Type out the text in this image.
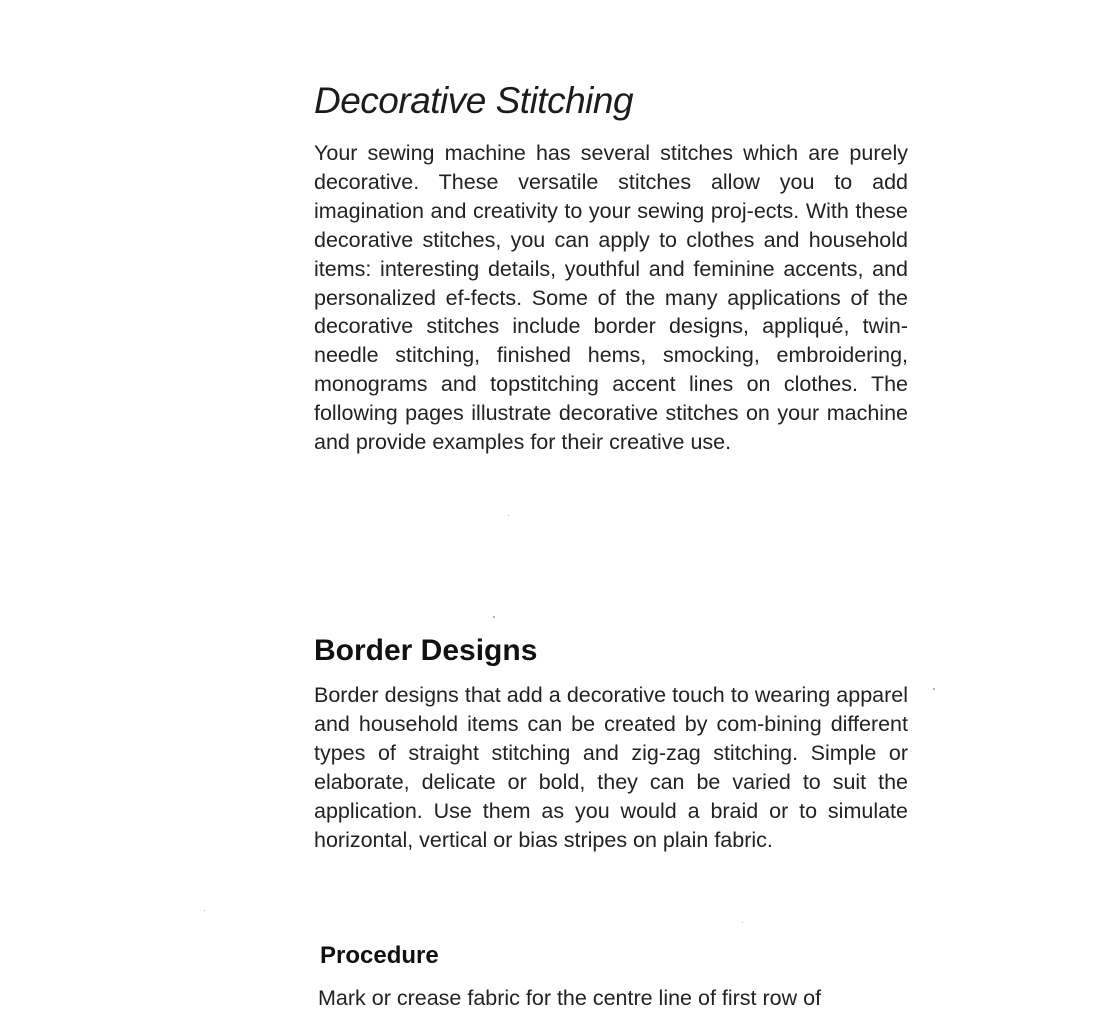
Decorative Stitching

Your sewing machine has several stitches which are purely decorative. These versatile stitches allow you to add imagination and creativity to your sewing proj-ects. With these decorative stitches, you can apply to clothes and household items: interesting details, youthful and feminine accents, and personalized ef-fects. Some of the many applications of the decorative stitches include border designs, appliqué, twin-needle stitching, finished hems, smocking, embroidering, monograms and topstitching accent lines on clothes. The following pages illustrate decorative stitches on your machine and provide examples for their creative use.

Border Designs

Border designs that add a decorative touch to wearing apparel and household items can be created by com-bining different types of straight stitching and zig-zag stitching. Simple or elaborate, delicate or bold, they can be varied to suit the application. Use them as you would a braid or to simulate horizontal, vertical or bias stripes on plain fabric.

Procedure

Mark or crease fabric for the centre line of first row of
